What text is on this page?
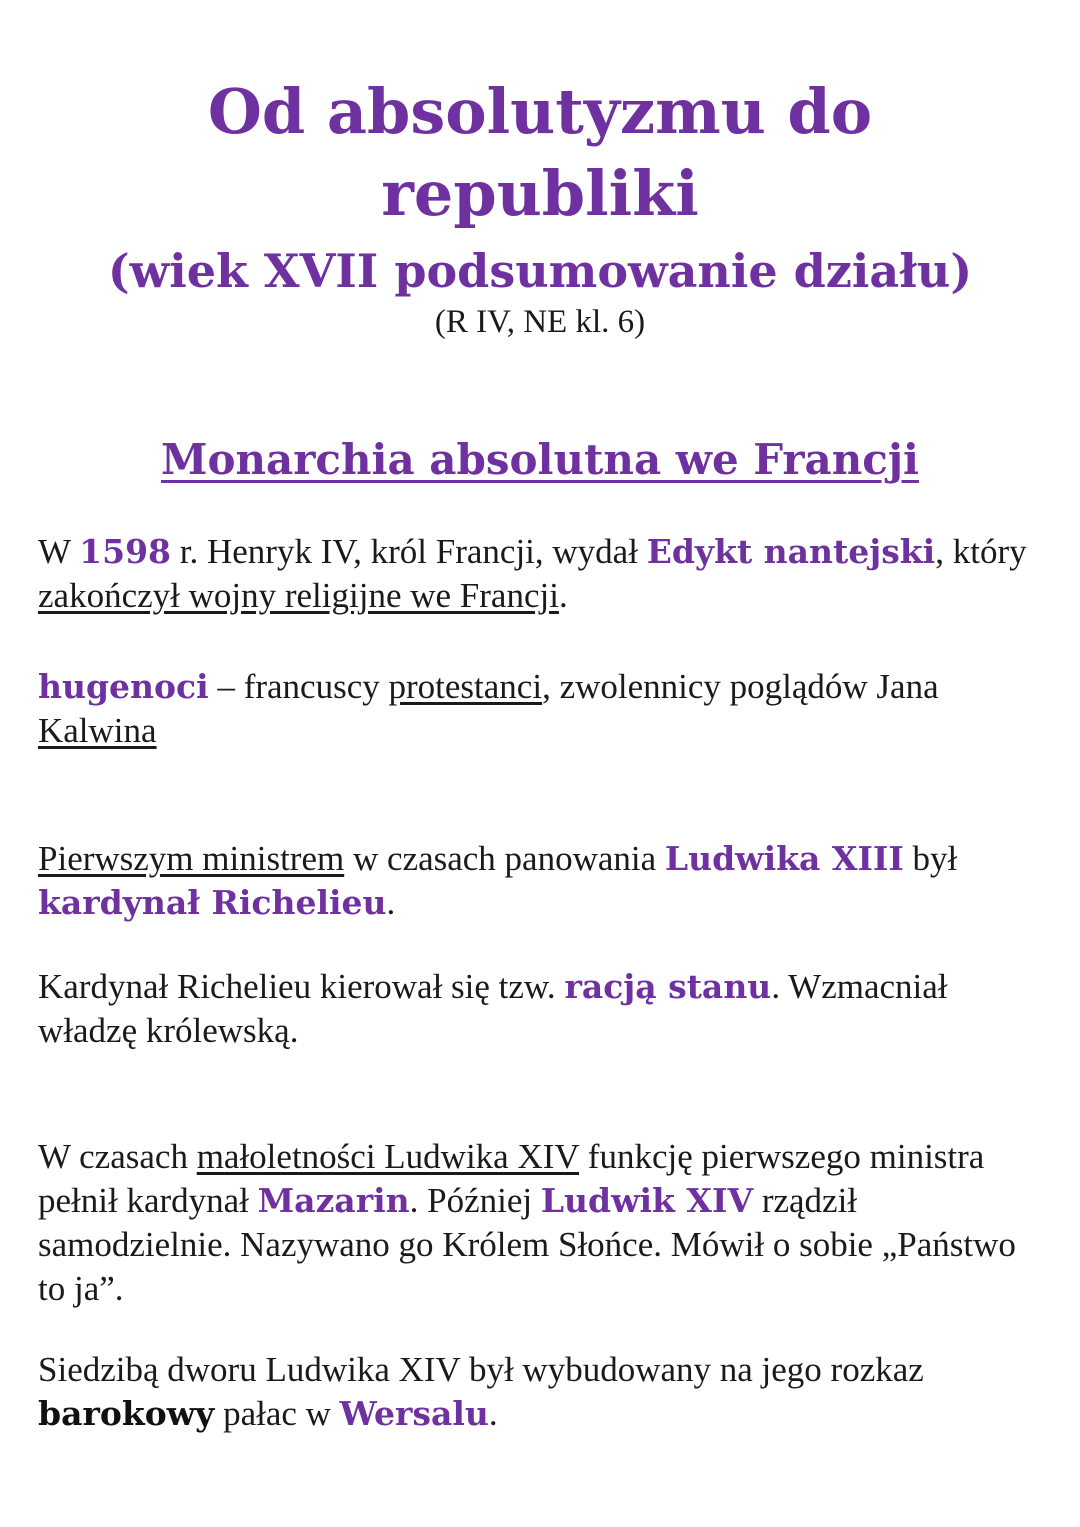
Od absolutyzmu do
republiki
(wiek XVII podsumowanie działu)
(R IV, NE kl. 6)
Monarchia absolutna we Francji

W 1598 r. Henryk IV, król Francji, wydał Edykt nantejski, który zakończył wojny religijne we Francji.

hugenoci – francuscy protestanci, zwolennicy poglądów Jana Kalwina

Pierwszym ministrem w czasach panowania Ludwika XIII był kardynał Richelieu.

Kardynał Richelieu kierował się tzw. racją stanu. Wzmacniał władzę królewską.

W czasach małoletności Ludwika XIV funkcję pierwszego ministra pełnił kardynał Mazarin. Później Ludwik XIV rządził samodzielnie. Nazywano go Królem Słońce. Mówił o sobie „Państwo to ja”.

Siedzibą dworu Ludwika XIV był wybudowany na jego rozkaz barokowy pałac w Wersalu.
